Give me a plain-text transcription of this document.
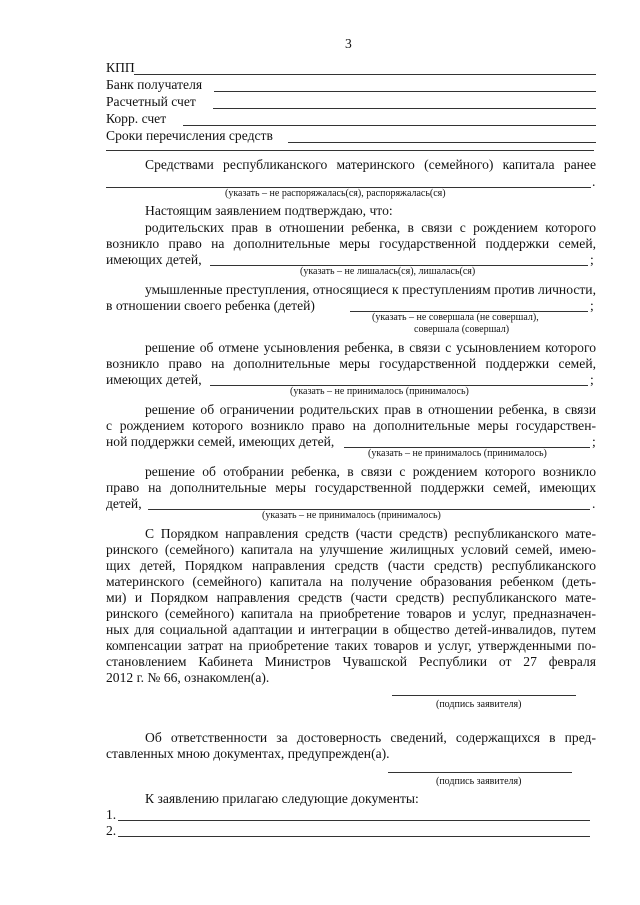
3
КПП
Банк получателя
Расчетный счет
Корр. счет
Сроки перечисления средств
Средствами республиканского материнского (семейного) капитала ранее
.
(указать – не распоряжалась(ся), распоряжалась(ся)
Настоящим заявлением подтверждаю, что:
родительских прав в отношении ребенка, в связи с рождением которого
возникло право на дополнительные меры государственной поддержки семей,
имеющих детей,	;
(указать – не лишалась(ся), лишалась(ся)
умышленные преступления, относящиеся к преступлениям против личности,
в отношении своего ребенка (детей)	;
(указать – не совершала (не совершал),
совершала (совершал)
решение об отмене усыновления ребенка, в связи с усыновлением которого
возникло право на дополнительные меры государственной поддержки семей,
имеющих детей,	;
(указать – не принималось (принималось)
решение об ограничении родительских прав в отношении ребенка, в связи
с рождением которого возникло право на дополнительные меры государствен-
ной поддержки семей, имеющих детей,	;
(указать – не принималось (принималось)
решение об отобрании ребенка, в связи с рождением которого возникло
право на дополнительные меры государственной поддержки семей, имеющих
детей,	.
(указать – не принималось (принималось)
С Порядком направления средств (части средств) республиканского мате-
ринского (семейного) капитала на улучшение жилищных условий семей, имею-
щих детей, Порядком направления средств (части средств) республиканского
материнского (семейного) капитала на получение образования ребенком (деть-
ми) и Порядком направления средств (части средств) республиканского мате-
ринского (семейного) капитала на приобретение товаров и услуг, предназначен-
ных для социальной адаптации и интеграции в общество детей-инвалидов, путем
компенсации затрат на приобретение таких товаров и услуг, утвержденными по-
становлением Кабинета Министров Чувашской Республики от 27 февраля
2012 г. № 66, ознакомлен(а).
(подпись заявителя)
Об ответственности за достоверность сведений, содержащихся в пред-
ставленных мною документах, предупрежден(а).
(подпись заявителя)
К заявлению прилагаю следующие документы:
1.
2.
